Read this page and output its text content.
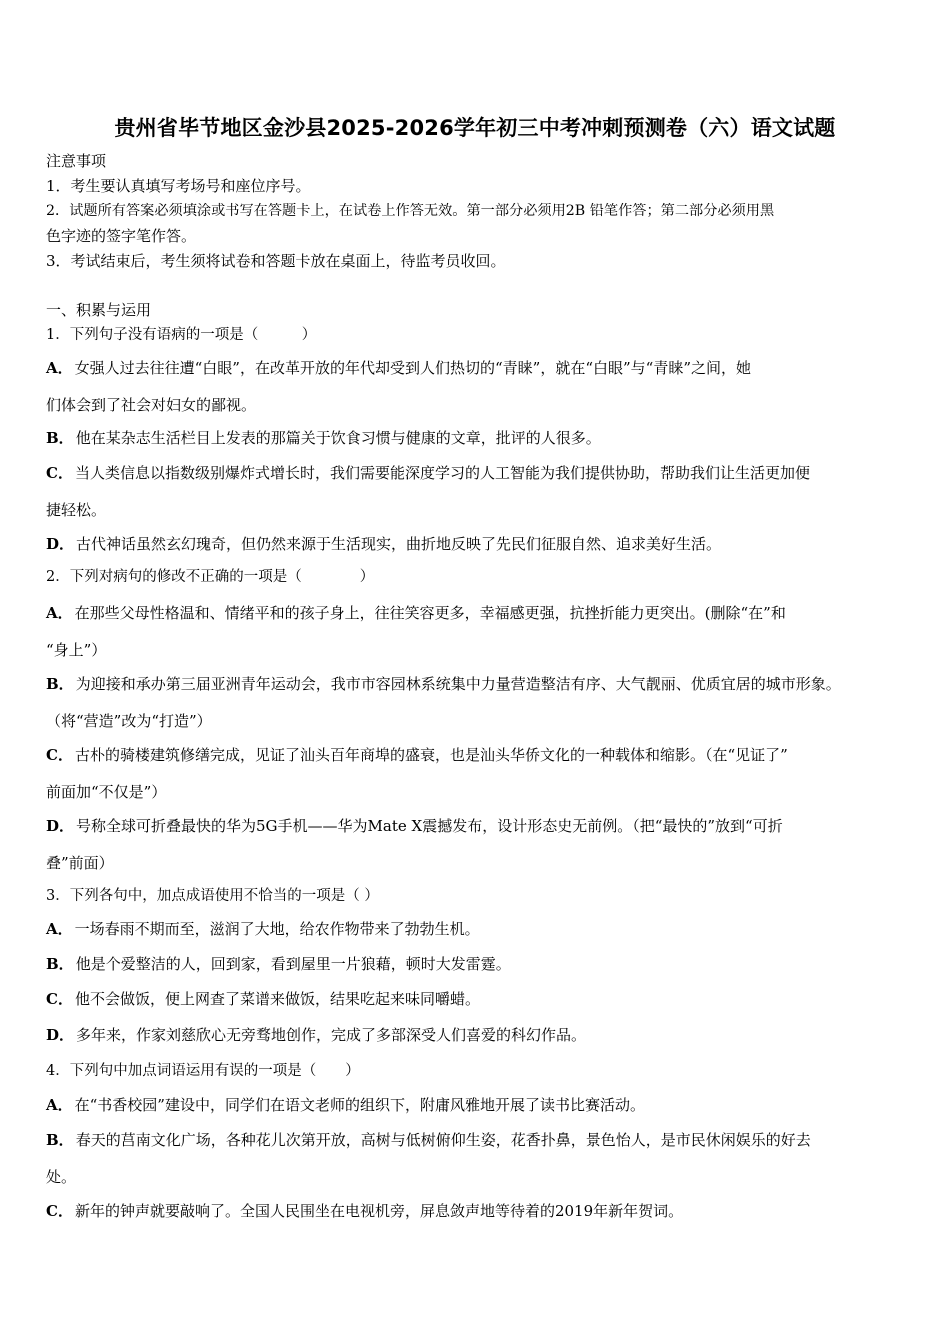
贵州省毕节地区金沙县2025-2026学年初三中考冲刺预测卷（六）语文试题
注意事项
1．考生要认真填写考场号和座位序号。
2．试题所有答案必须填涂或书写在答题卡上，在试卷上作答无效。第一部分必须用2B 铅笔作答；第二部分必须用黑
色字迹的签字笔作答。
3．考试结束后，考生须将试卷和答题卡放在桌面上，待监考员收回。
一、积累与运用
1．下列句子没有语病的一项是（　　　）
A． 女强人过去往往遭“白眼”，在改革开放的年代却受到人们热切的“青睐”，就在“白眼”与“青睐”之间，她
们体会到了社会对妇女的鄙视。
B． 他在某杂志生活栏目上发表的那篇关于饮食习惯与健康的文章，批评的人很多。
C． 当人类信息以指数级别爆炸式增长时，我们需要能深度学习的人工智能为我们提供协助，帮助我们让生活更加便
捷轻松。
D． 古代神话虽然玄幻瑰奇，但仍然来源于生活现实，曲折地反映了先民们征服自然、追求美好生活。
2．下列对病句的修改不正确的一项是（　　　　）
A． 在那些父母性格温和、情绪平和的孩子身上，往往笑容更多，幸福感更强，抗挫折能力更突出。(删除“在”和
“身上”）
B． 为迎接和承办第三届亚洲青年运动会，我市市容园林系统集中力量营造整洁有序、大气靓丽、优质宜居的城市形象。
（将“营造”改为“打造”）
C． 古朴的骑楼建筑修缮完成，见证了汕头百年商埠的盛衰，也是汕头华侨文化的一种载体和缩影。（在“见证了”
前面加“不仅是”）
D． 号称全球可折叠最快的华为5G手机——华为Mate X震撼发布，设计形态史无前例。（把“最快的”放到“可折
叠”前面）
3．下列各句中，加点成语使用不恰当的一项是（ ）
A． 一场春雨不期而至，滋润了大地，给农作物带来了勃勃生机。
B． 他是个爱整洁的人，回到家，看到屋里一片狼藉，顿时大发雷霆。
C． 他不会做饭，便上网查了菜谱来做饭，结果吃起来味同嚼蜡。
D． 多年来，作家刘慈欣心无旁骛地创作，完成了多部深受人们喜爱的科幻作品。
4．下列句中加点词语运用有误的一项是（　　）
A． 在“书香校园”建设中，同学们在语文老师的组织下，附庸风雅地开展了读书比赛活动。
B． 春天的莒南文化广场，各种花儿次第开放，高树与低树俯仰生姿，花香扑鼻，景色怡人，是市民休闲娱乐的好去
处。
C． 新年的钟声就要敲响了。全国人民围坐在电视机旁，屏息敛声地等待着的2019年新年贺词。
